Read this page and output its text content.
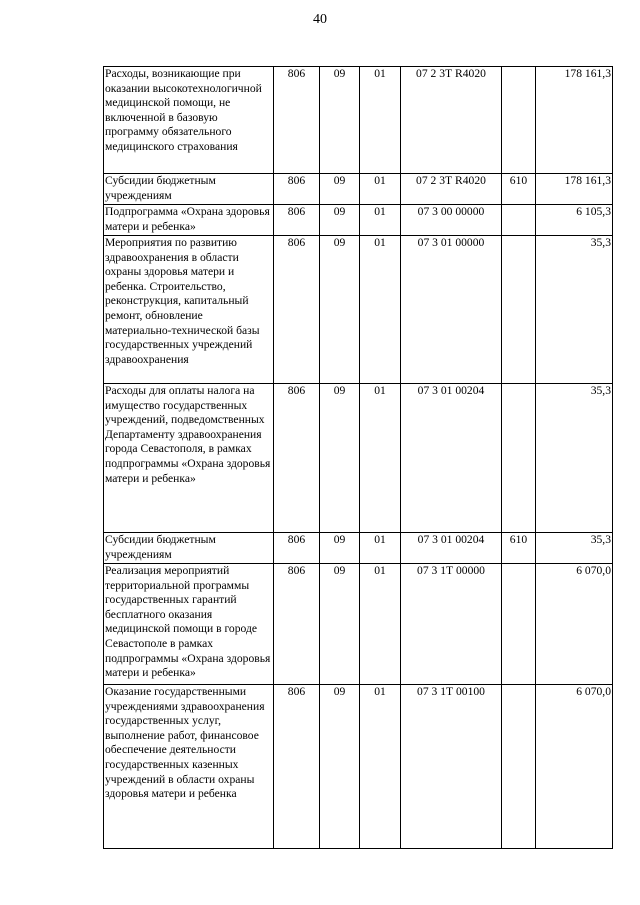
40
Расходы, возникающие при оказании высокотехнологичной медицинской помощи, не включенной в базовую программу обязательного медицинского страхования	806	09	01	07 2 3Т R4020		178 161,3
Субсидии бюджетным учреждениям	806	09	01	07 2 3Т R4020	610	178 161,3
Подпрограмма «Охрана здоровья матери и ребенка»	806	09	01	07 3 00 00000		6 105,3
Мероприятия по развитию здравоохранения в области охраны здоровья матери и ребенка. Строительство, реконструкция, капитальный ремонт, обновление материально-технической базы государственных учреждений здравоохранения	806	09	01	07 3 01 00000		35,3
Расходы для оплаты налога на имущество государственных учреждений, подведомственных Департаменту здравоохранения города Севастополя, в рамках подпрограммы «Охрана здоровья матери и ребенка»	806	09	01	07 3 01 00204		35,3
Субсидии бюджетным учреждениям	806	09	01	07 3 01 00204	610	35,3
Реализация мероприятий территориальной программы государственных гарантий бесплатного оказания медицинской помощи в городе Севастополе в рамках подпрограммы «Охрана здоровья матери и ребенка»	806	09	01	07 3 1Т 00000		6 070,0
Оказание государственными учреждениями здравоохранения государственных услуг, выполнение работ, финансовое обеспечение деятельности государственных казенных учреждений в области охраны здоровья матери и ребенка	806	09	01	07 3 1Т 00100		6 070,0
